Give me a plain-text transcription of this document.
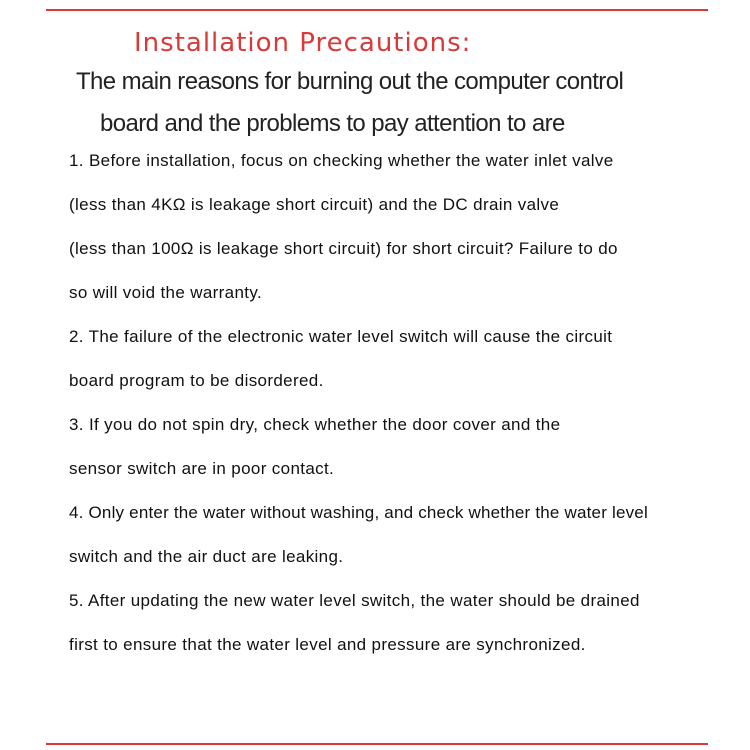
Installation Precautions:

The main reasons for burning out the computer control

board and the problems to pay attention to are

1. Before installation, focus on checking whether the water inlet valve

(less than 4KΩ is leakage short circuit) and the DC drain valve

(less than 100Ω is leakage short circuit) for short circuit? Failure to do

so will void the warranty.

2. The failure of the electronic water level switch will cause the circuit

board program to be disordered.

3. If you do not spin dry, check whether the door cover and the

sensor switch are in poor contact.

4. Only enter the water without washing, and check whether the water level

switch and the air duct are leaking.

5. After updating the new water level switch, the water should be drained

first to ensure that the water level and pressure are synchronized.
